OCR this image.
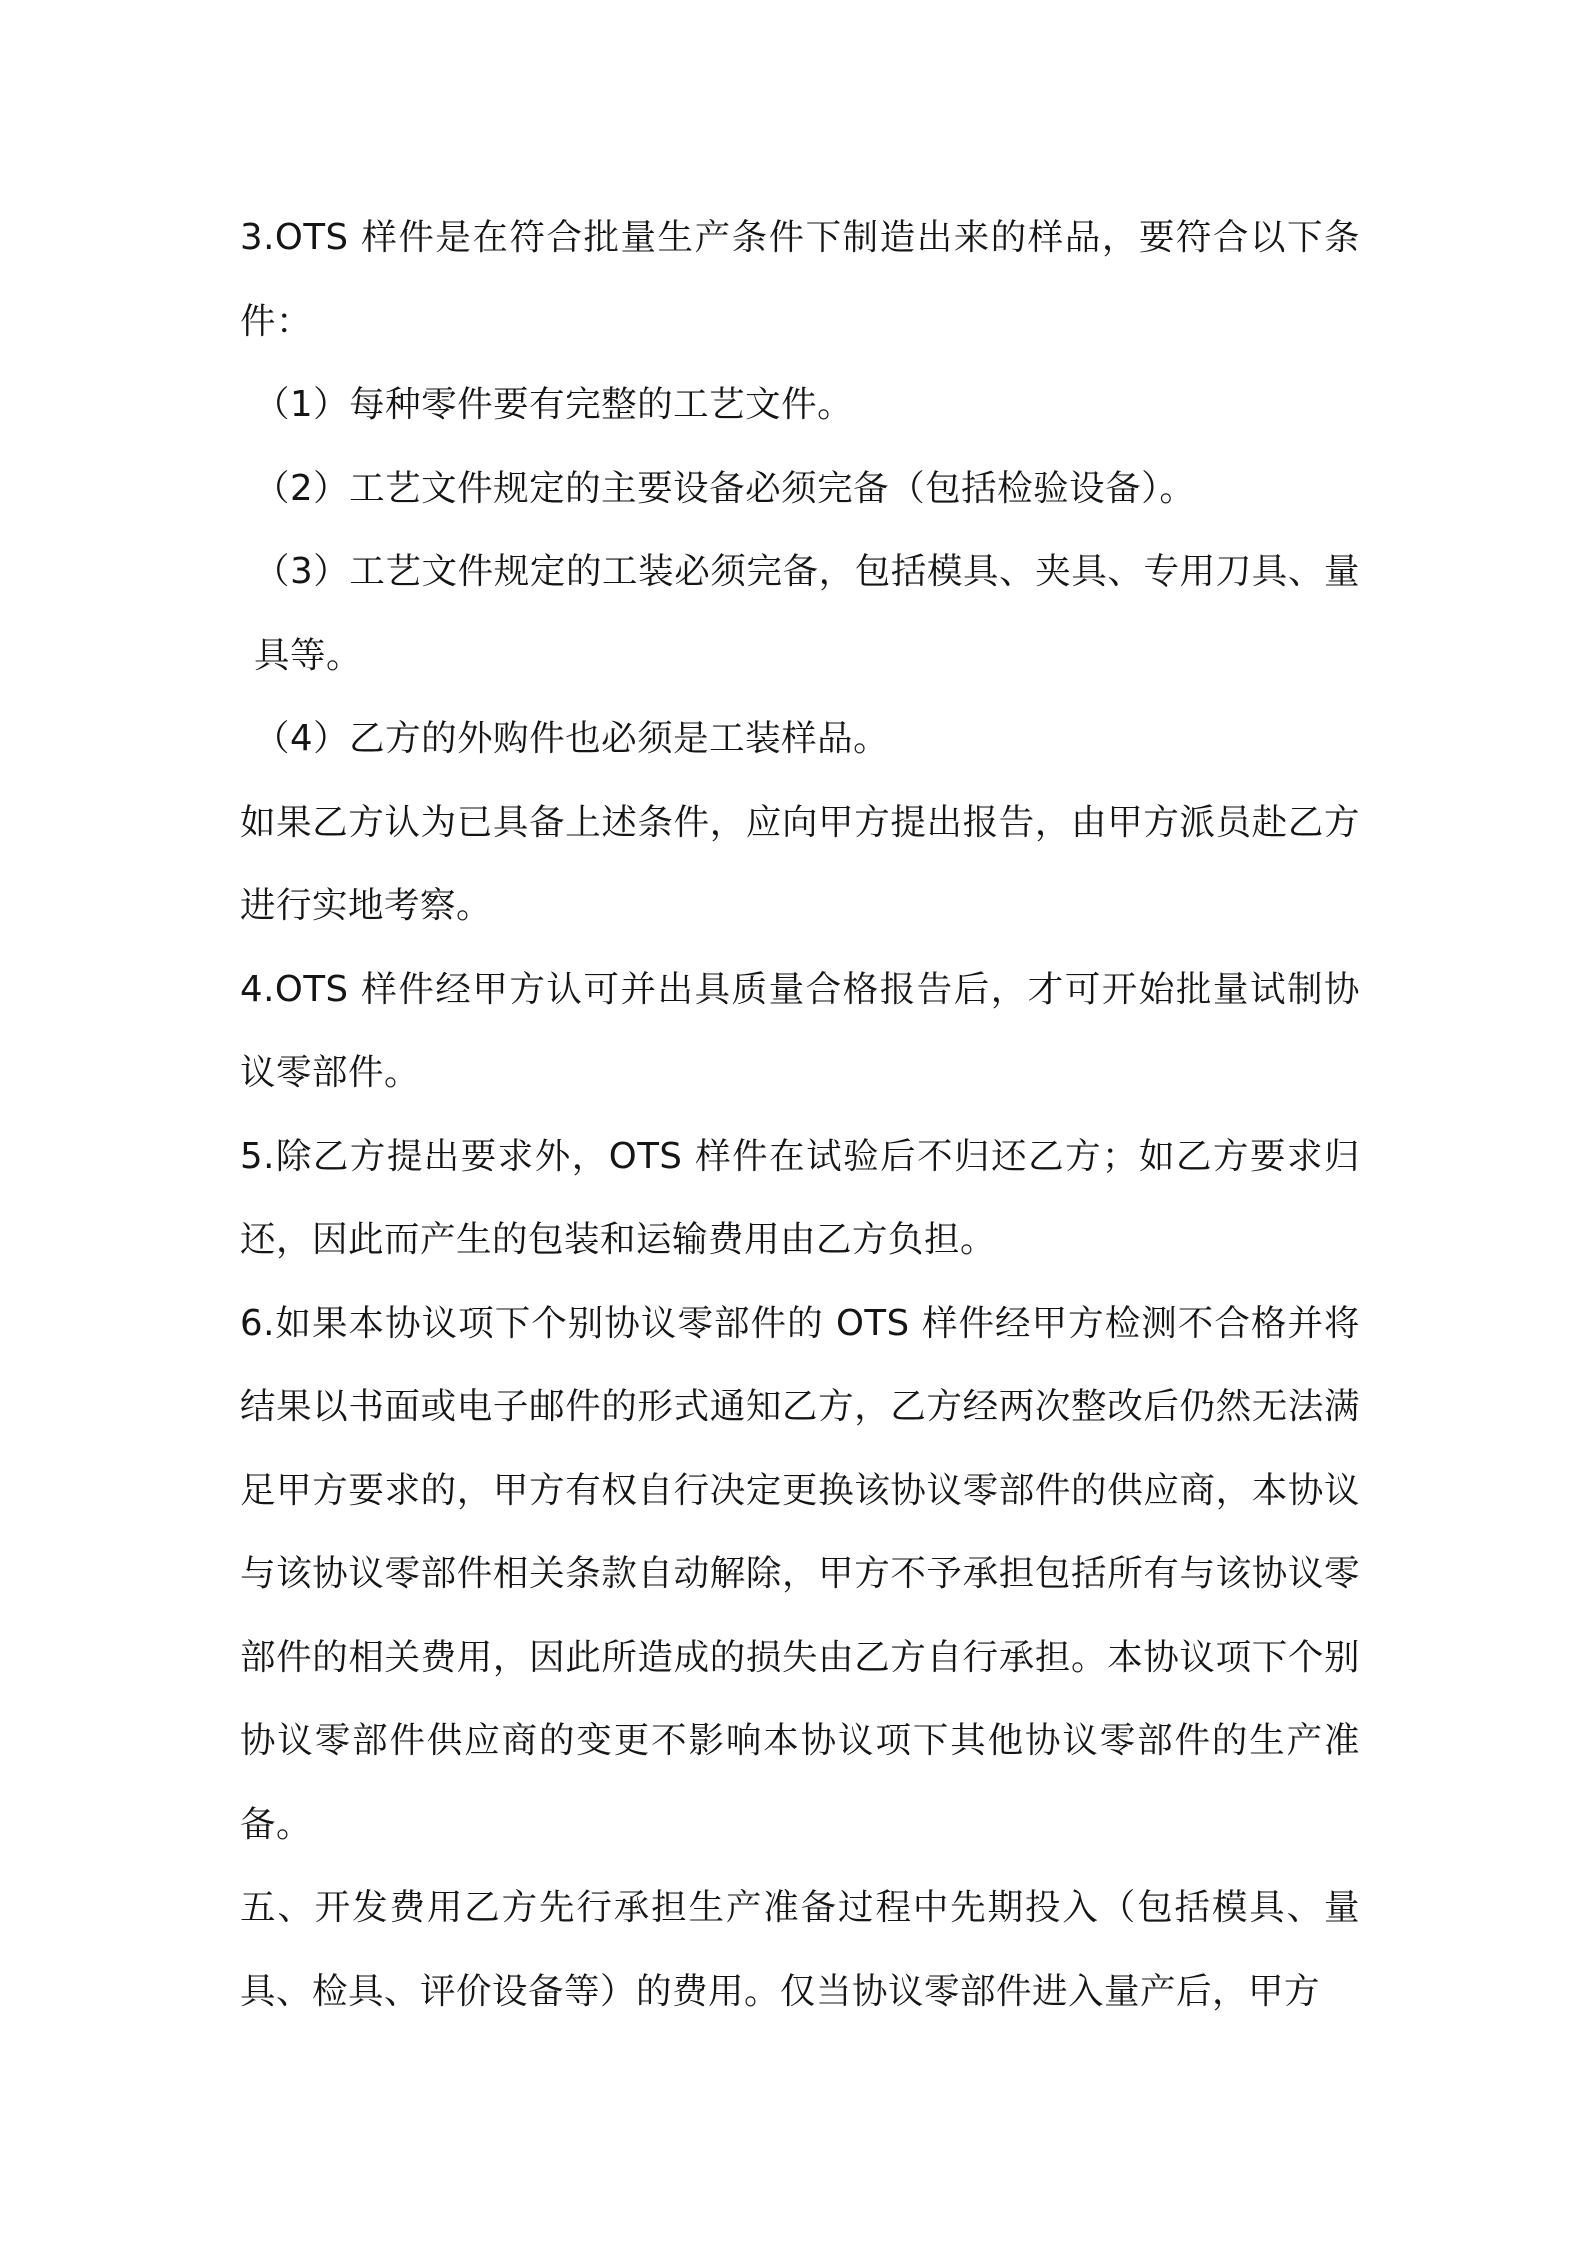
3.OTS 样件是在符合批量生产条件下制造出来的样品，要符合以下条件：

（1）每种零件要有完整的工艺文件。

（2）工艺文件规定的主要设备必须完备（包括检验设备）。

（3）工艺文件规定的工装必须完备，包括模具、夹具、专用刀具、量具等。

（4）乙方的外购件也必须是工装样品。

如果乙方认为已具备上述条件，应向甲方提出报告，由甲方派员赴乙方进行实地考察。

4.OTS 样件经甲方认可并出具质量合格报告后，才可开始批量试制协议零部件。

5.除乙方提出要求外，OTS 样件在试验后不归还乙方；如乙方要求归还，因此而产生的包装和运输费用由乙方负担。

6.如果本协议项下个别协议零部件的 OTS 样件经甲方检测不合格并将结果以书面或电子邮件的形式通知乙方，乙方经两次整改后仍然无法满足甲方要求的，甲方有权自行决定更换该协议零部件的供应商，本协议与该协议零部件相关条款自动解除，甲方不予承担包括所有与该协议零部件的相关费用，因此所造成的损失由乙方自行承担。本协议项下个别协议零部件供应商的变更不影响本协议项下其他协议零部件的生产准备。

五、开发费用乙方先行承担生产准备过程中先期投入（包括模具、量具、检具、评价设备等）的费用。仅当协议零部件进入量产后，甲方
